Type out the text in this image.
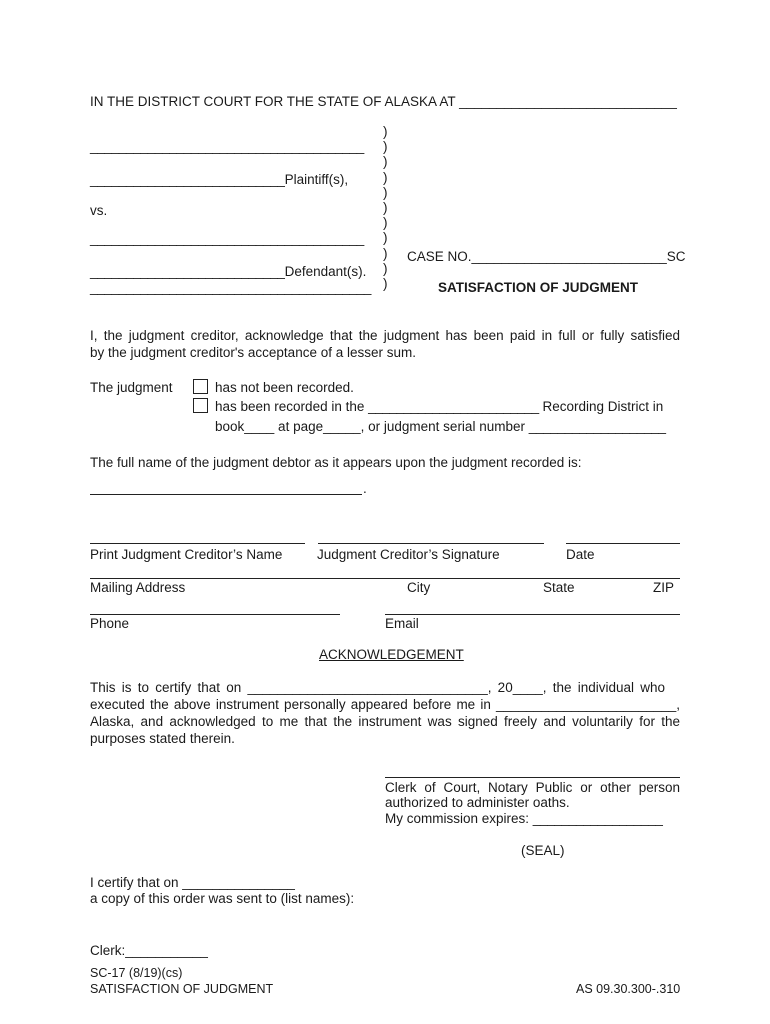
IN THE DISTRICT COURT FOR THE STATE OF ALASKA AT _____________________________
)
)
)
)
)
)
)
)
)
)
)
______________________________________
___________________________Plaintiff(s),
vs.
______________________________________
___________________________Defendant(s).
_______________________________________
CASE NO.__________________________SC
SATISFACTION OF JUDGMENT
I, the judgment creditor, acknowledge that the judgment has been paid in full or fully satisfied
by the judgment creditor's acceptance of a lesser sum.
The judgment	has not been recorded.
has been recorded in the ________________________ Recording District in
book____ at page_____, or judgment serial number ___________________
The full name of the judgment debtor as it appears upon the judgment recorded is:
.
Print Judgment Creditor’s Name	Judgment Creditor’s Signature	Date
Mailing Address	City	State	ZIP
Phone	Email
ACKNOWLEDGEMENT
This is to certify that on ________________________________, 20____, the individual who
executed the above instrument personally appeared before me in ________________________,
Alaska, and acknowledged to me that the instrument was signed freely and voluntarily for the
purposes stated therein.
Clerk of Court, Notary Public or other person
authorized to administer oaths.
My commission expires: __________________
(SEAL)
I certify that on _______________
a copy of this order was sent to (list names):
Clerk:___________
SC-17 (8/19)(cs)
SATISFACTION OF JUDGMENT	AS 09.30.300-.310
